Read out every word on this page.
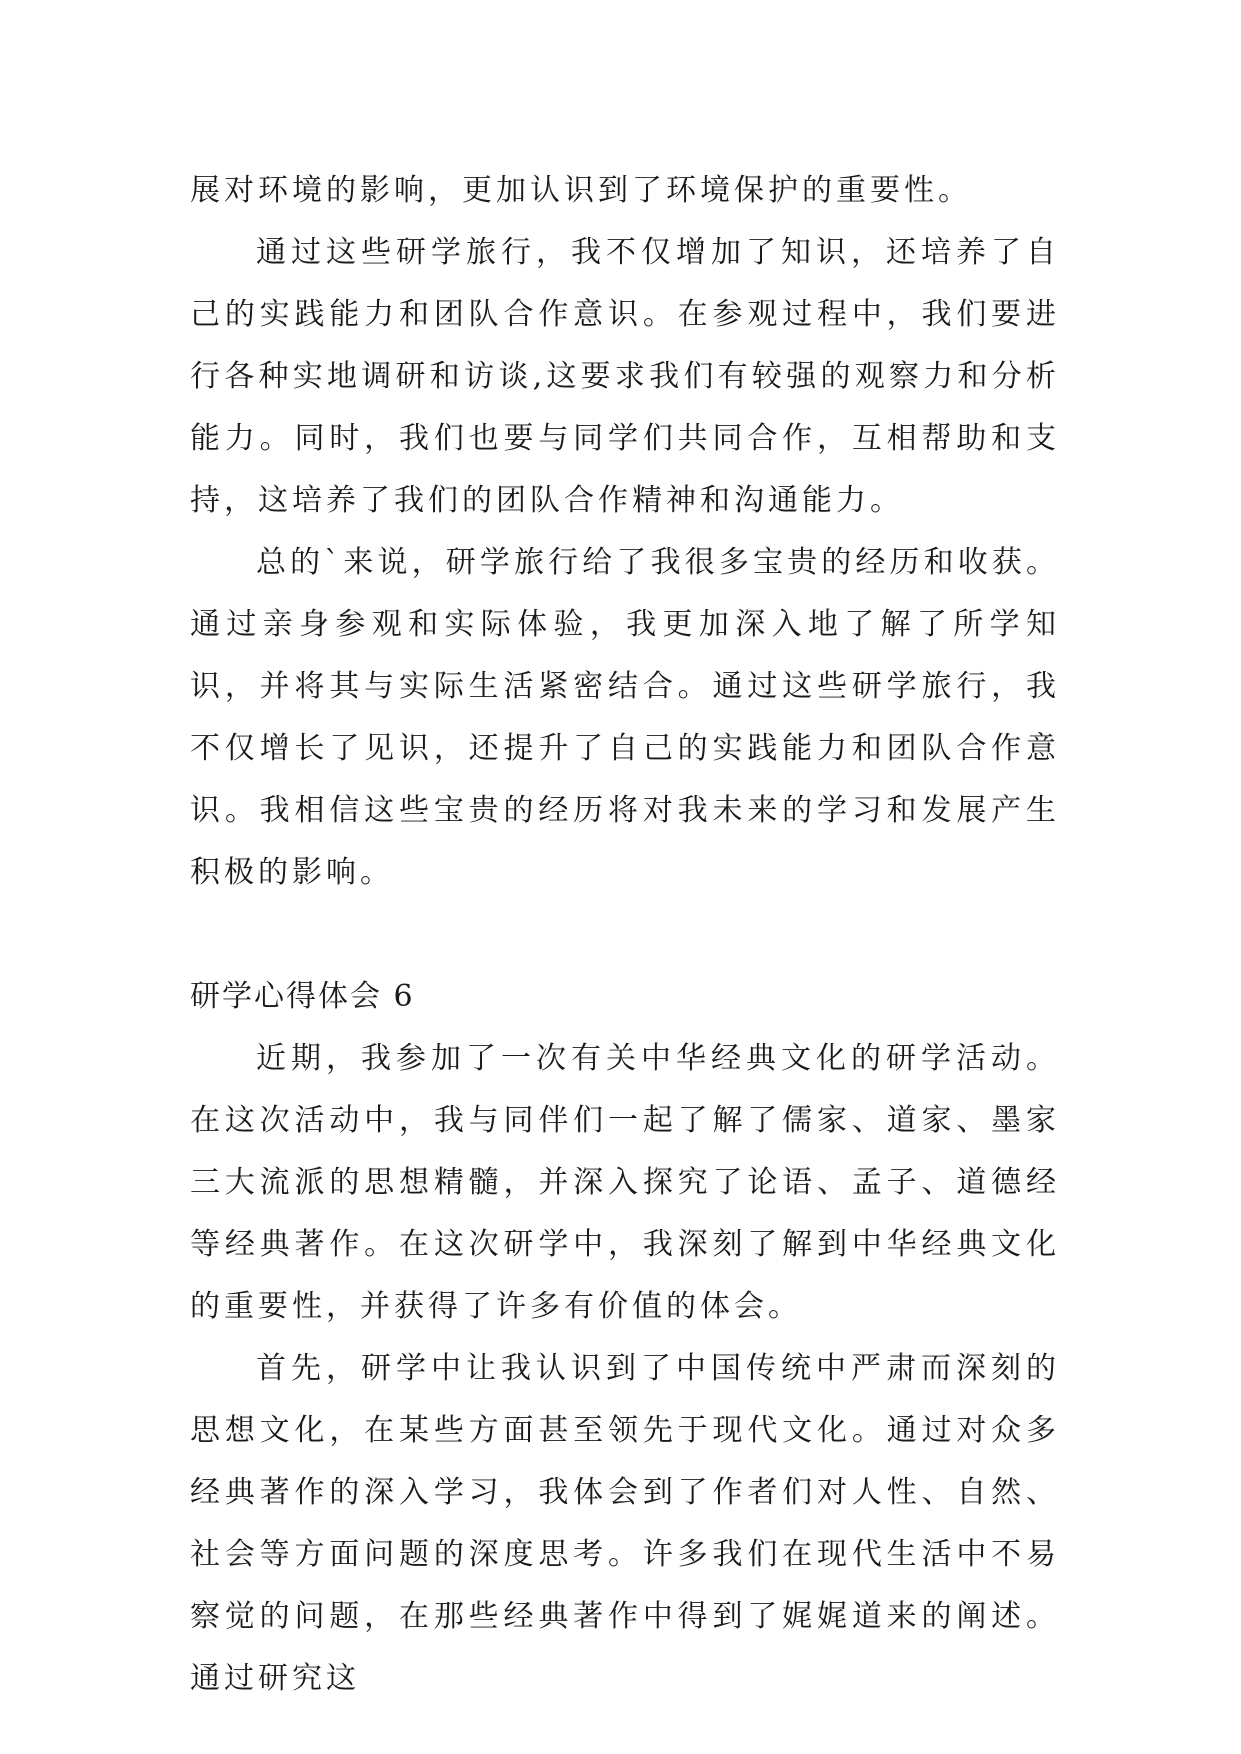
展对环境的影响，更加认识到了环境保护的重要性。

通过这些研学旅行，我不仅增加了知识，还培养了自己的实践能力和团队合作意识。在参观过程中，我们要进行各种实地调研和访谈,这要求我们有较强的观察力和分析能力。同时，我们也要与同学们共同合作，互相帮助和支持，这培养了我们的团队合作精神和沟通能力。

总的`来说，研学旅行给了我很多宝贵的经历和收获。通过亲身参观和实际体验，我更加深入地了解了所学知识，并将其与实际生活紧密结合。通过这些研学旅行，我不仅增长了见识，还提升了自己的实践能力和团队合作意识。我相信这些宝贵的经历将对我未来的学习和发展产生积极的影响。

研学心得体会 6

近期，我参加了一次有关中华经典文化的研学活动。在这次活动中，我与同伴们一起了解了儒家、道家、墨家三大流派的思想精髓，并深入探究了论语、孟子、道德经等经典著作。在这次研学中，我深刻了解到中华经典文化的重要性，并获得了许多有价值的体会。

首先，研学中让我认识到了中国传统中严肃而深刻的思想文化，在某些方面甚至领先于现代文化。通过对众多经典著作的深入学习，我体会到了作者们对人性、自然、社会等方面问题的深度思考。许多我们在现代生活中不易察觉的问题，在那些经典著作中得到了娓娓道来的阐述。通过研究这
